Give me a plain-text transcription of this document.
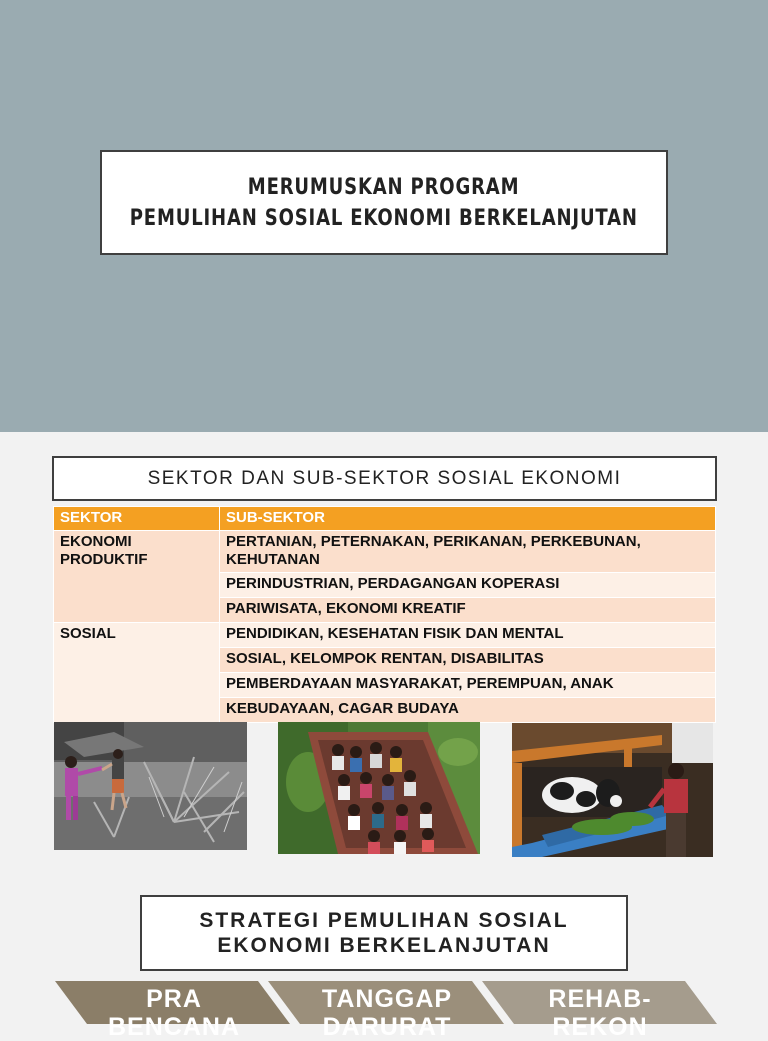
MERUMUSKAN PROGRAM
PEMULIHAN SOSIAL EKONOMI BERKELANJUTAN
SEKTOR DAN SUB-SEKTOR SOSIAL EKONOMI
SEKTOR	SUB-SEKTOR
EKONOMI PRODUKTIF	PERTANIAN, PETERNAKAN, PERIKANAN, PERKEBUNAN, KEHUTANAN
	PERINDUSTRIAN, PERDAGANGAN KOPERASI
	PARIWISATA, EKONOMI KREATIF
SOSIAL	PENDIDIKAN, KESEHATAN FISIK DAN MENTAL
	SOSIAL, KELOMPOK RENTAN, DISABILITAS
	PEMBERDAYAAN MASYARAKAT, PEREMPUAN, ANAK
	KEBUDAYAAN, CAGAR BUDAYA
STRATEGI PEMULIHAN SOSIAL
EKONOMI BERKELANJUTAN
PRA
BENCANA
TANGGAP
DARURAT
REHAB-
REKON
